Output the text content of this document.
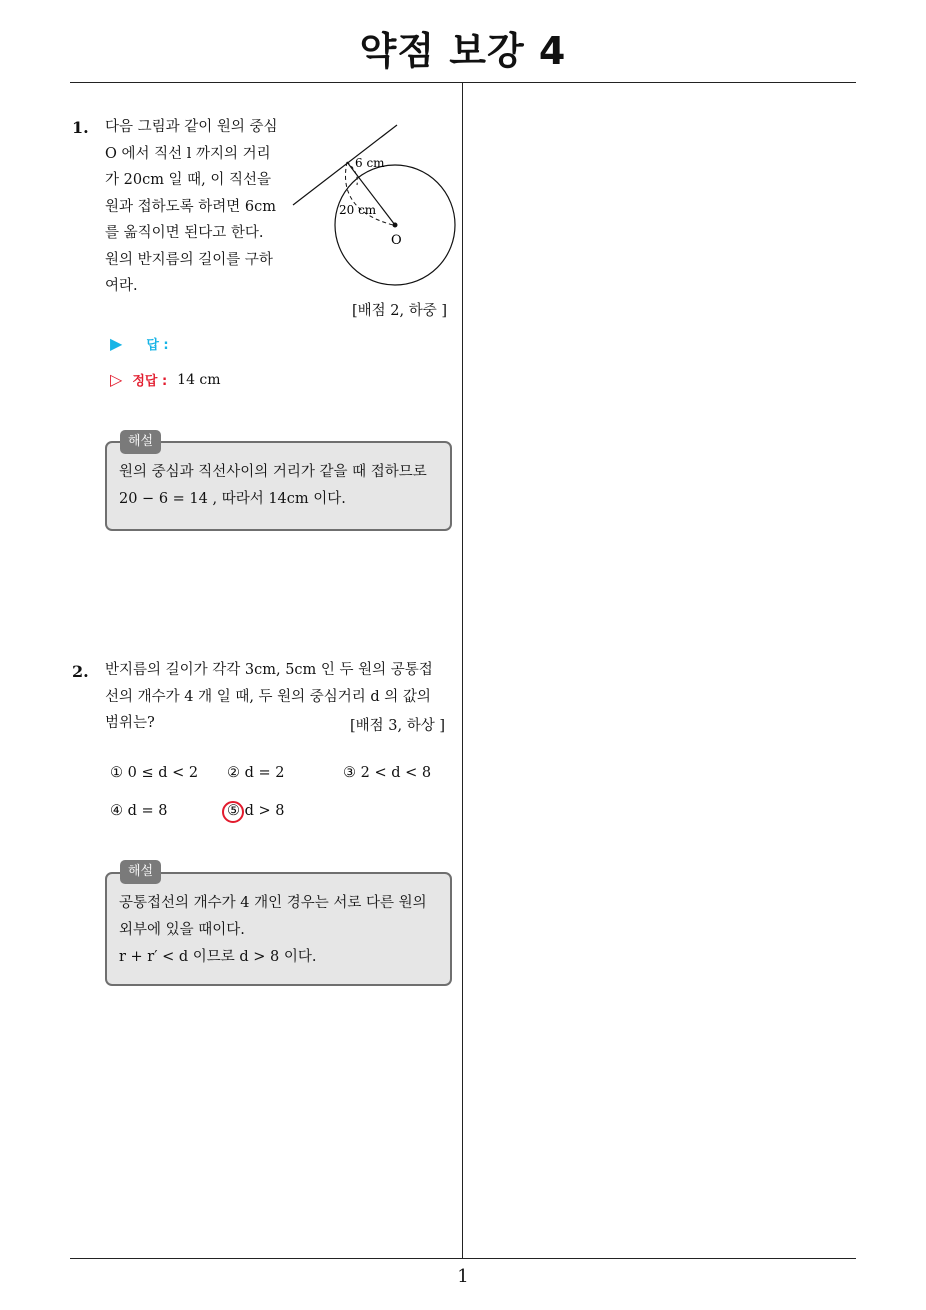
약점 보강 4
1
1. 다음 그림과 같이 원의 중심
O 에서 직선 l 까지의 거리
가 20cm 일 때, 이 직선을
원과 접하도록 하려면 6cm
를 옮직이면 된다고 한다.
원의 반지름의 길이를 구하
여라.
6 cm
20 cm
O
[배점 2, 하중 ]
▶ 답 :
▷ 정답 : 14 cm
원의 중심과 직선사이의 거리가 같을 때 접하므로
20 − 6 = 14 , 따라서 14cm 이다.
해설
2. 반지름의 길이가 각각 3cm, 5cm 인 두 원의 공통접
선의 개수가 4 개 일 때, 두 원의 중심거리 d 의 값의
범위는?	[배점 3, 하상 ]
① 0 ≤ d < 2 ② d = 2	③ 2 < d < 8
④ d = 8	⑤ d > 8
공통접선의 개수가 4 개인 경우는 서로 다른 원의
외부에 있을 때이다.
r + r′ < d 이므로 d > 8 이다.
해설
